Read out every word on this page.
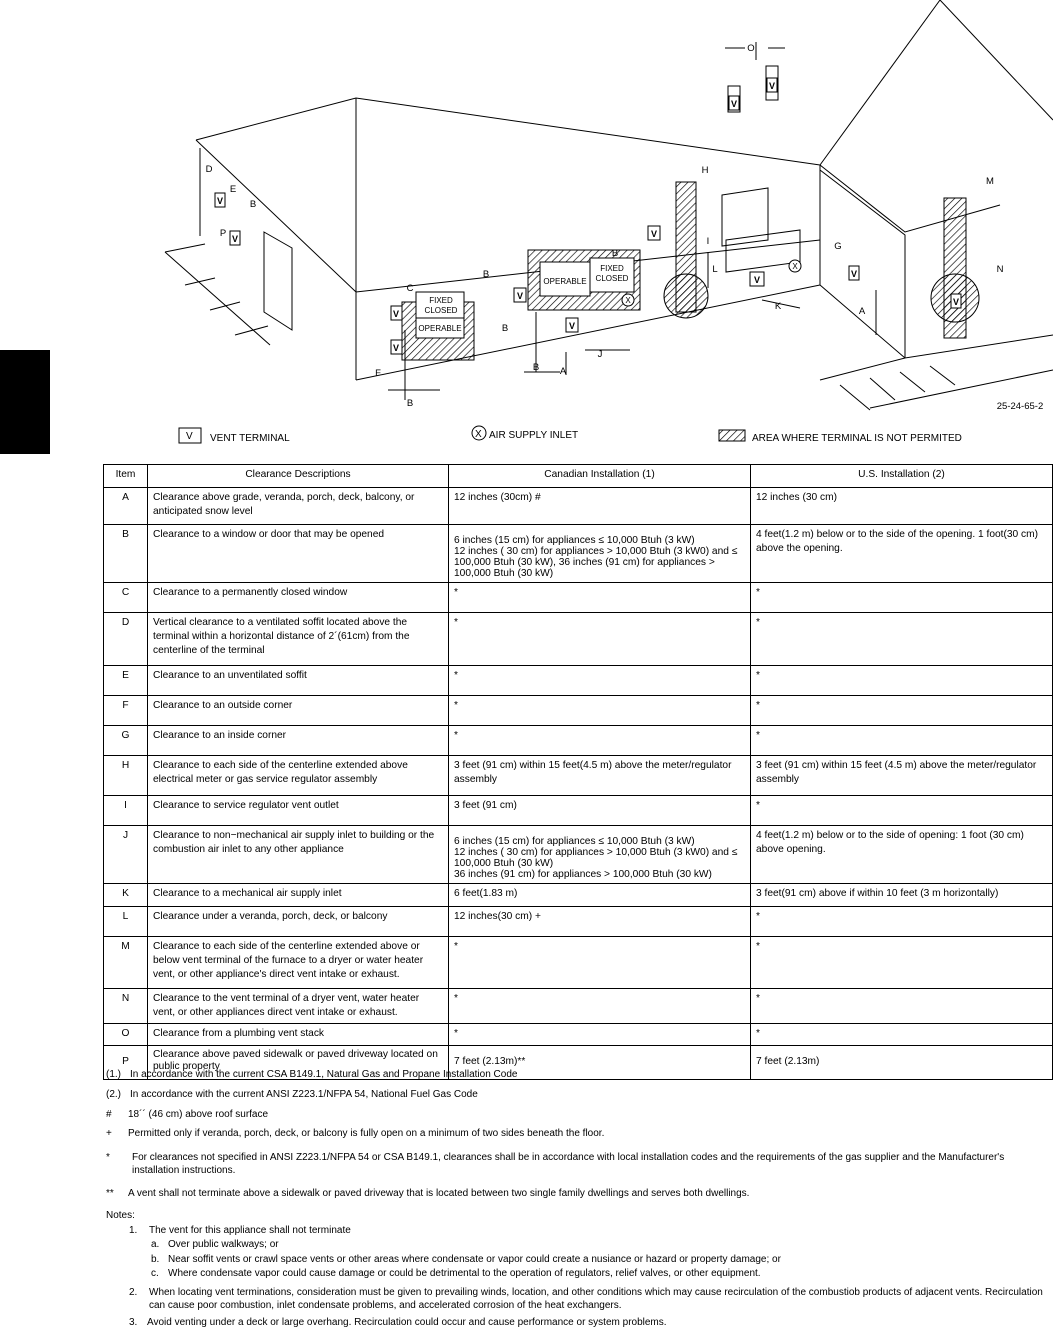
O
H
M
N
G
A
K
L
I
J
A
B
B
B
B
B
C
F
D
E
B
P
FIXED
CLOSED
OPERABLE
OPERABLE
FIXED
CLOSED
25-24-65-2
V
V
V
V
V
V
V
V
V
V
V
V
X
X
V VENT TERMINAL	X AIR SUPPLY INLET	AREA WHERE TERMINAL IS NOT PERMITED
Item	Clearance Descriptions	Canadian Installation (1)	U.S. Installation (2)
A	Clearance above grade, veranda, porch, deck, balcony, or anticipated snow level	12 inches (30cm) #	12 inches (30 cm)
B	Clearance to a window or door that may be opened	6 inches (15 cm) for appliances ≤ 10,000 Btuh (3 kW)
12 inches ( 30 cm) for appliances > 10,000 Btuh (3 kW0) and ≤ 100,000 Btuh (30 kW), 36 inches (91 cm) for appliances > 100,000 Btuh (30 kW)	4 feet(1.2 m) below or to the side of the opening. 1 foot(30 cm) above the opening.
C	Clearance to a permanently closed window	*	*
D	Vertical clearance to a ventilated soffit located above the terminal within a horizontal distance of 2´(61cm) from the centerline of the terminal	*	*
E	Clearance to an unventilated soffit	*	*
F	Clearance to an outside corner	*	*
G	Clearance to an inside corner	*	*
H	Clearance to each side of the centerline extended above electrical meter or gas service regulator assembly	3 feet (91 cm) within 15 feet(4.5 m) above the meter/regulator assembly	3 feet (91 cm) within 15 feet (4.5 m) above the meter/regulator assembly
I	Clearance to service regulator vent outlet	3 feet (91 cm)	*
J	Clearance to non−mechanical air supply inlet to building or the combustion air inlet to any other appliance	6 inches (15 cm) for appliances ≤ 10,000 Btuh (3 kW)
12 inches ( 30 cm) for appliances > 10,000 Btuh (3 kW0) and ≤ 100,000 Btuh (30 kW)
36 inches (91 cm) for appliances > 100,000 Btuh (30 kW)	4 feet(1.2 m) below or to the side of opening: 1 foot (30 cm) above opening.
K	Clearance to a mechanical air supply inlet	6 feet(1.83 m)	3 feet(91 cm) above if within 10 feet (3 m horizontally)
L	Clearance under a veranda, porch, deck, or balcony	12 inches(30 cm) +	*
M	Clearance to each side of the centerline extended above or below vent terminal of the furnace to a dryer or water heater vent, or other appliance's direct vent intake or exhaust.	*	*
N	Clearance to the vent terminal of a dryer vent, water heater vent, or other appliances direct vent intake or exhaust.	*	*
O	Clearance from a plumbing vent stack	*	*
P	Clearance above paved sidewalk or paved driveway located on public property	7 feet (2.13m)**	7 feet (2.13m)
(1.) In accordance with the current CSA B149.1, Natural Gas and Propane Installation Code
(2.) In accordance with the current ANSI Z223.1/NFPA 54, National Fuel Gas Code
# 18´´ (46 cm) above roof surface
+ Permitted only if veranda, porch, deck, or balcony is fully open on a minimum of two sides beneath the floor.
* For clearances not specified in ANSI Z223.1/NFPA 54 or CSA B149.1, clearances shall be in accordance with local installation codes and the requirements of the gas supplier and the Manufacturer's installation instructions.
** A vent shall not terminate above a sidewalk or paved driveway that is located between two single family dwellings and serves both dwellings.
Notes:
1. The vent for this appliance shall not terminate
a. Over public walkways; or
b. Near soffit vents or crawl space vents or other areas where condensate or vapor could create a nusiance or hazard or property damage; or
c. Where condensate vapor could cause damage or could be detrimental to the operation of regulators, relief valves, or other equipment.
2. When locating vent terminations, consideration must be given to prevailing winds, location, and other conditions which may cause recirculation of the combustiob products of adjacent vents. Recirculation can cause poor combustion, inlet condensate problems, and accelerated corrosion of the heat exchangers.
3. Avoid venting under a deck or large overhang. Recirculation could occur and cause performance or system problems.
